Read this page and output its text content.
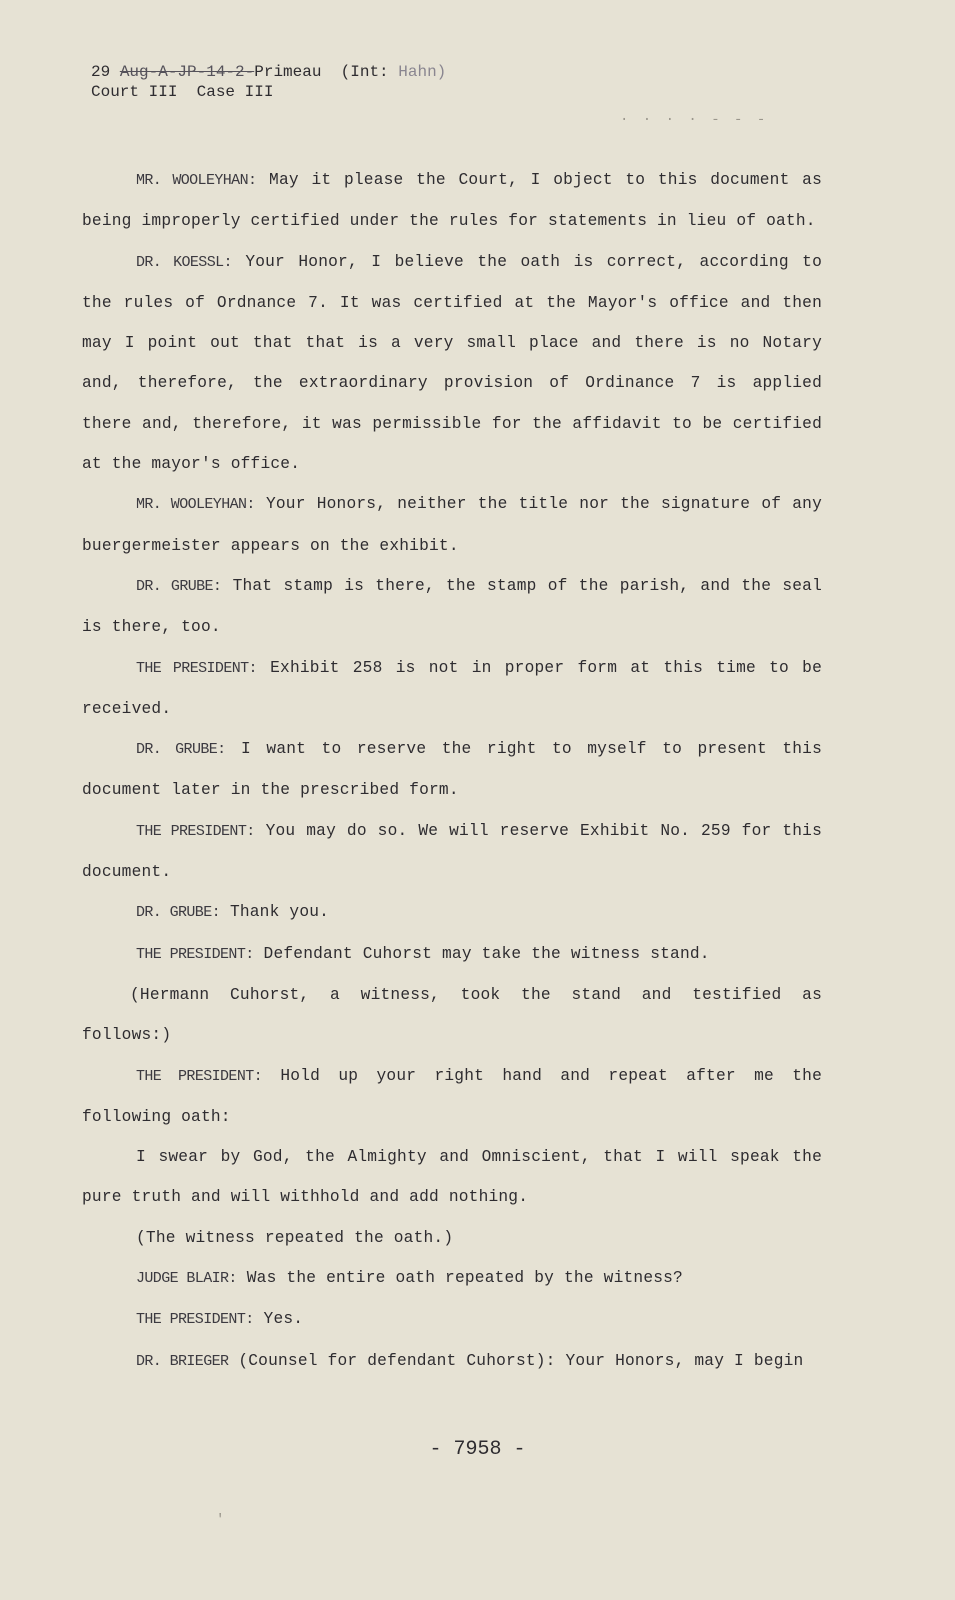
29 Aug-A-JP-14-2-Primeau  (Int: Hahn)
Court III  Case III
· · · · - - -

MR. WOOLEYHAN: May it please the Court, I object to this document as being improperly certified under the rules for statements in lieu of oath.

DR. KOESSL: Your Honor, I believe the oath is correct, according to the rules of Ordnance 7. It was certified at the Mayor's office and then may I point out that that is a very small place and there is no Notary and, therefore, the extraordinary provision of Ordinance 7 is applied there and, therefore, it was permissible for the affidavit to be certified at the mayor's office.

MR. WOOLEYHAN: Your Honors, neither the title nor the signature of any buergermeister appears on the exhibit.

DR. GRUBE: That stamp is there, the stamp of the parish, and the seal is there, too.

THE PRESIDENT: Exhibit 258 is not in proper form at this time to be received.

DR. GRUBE: I want to reserve the right to myself to present this document later in the prescribed form.

THE PRESIDENT: You may do so. We will reserve Exhibit No. 259 for this document.

DR. GRUBE: Thank you.

THE PRESIDENT: Defendant Cuhorst may take the witness stand.

(Hermann Cuhorst, a witness, took the stand and testified as follows:)

THE PRESIDENT: Hold up your right hand and repeat after me the following oath:

I swear by God, the Almighty and Omniscient, that I will speak the pure truth and will withhold and add nothing.

(The witness repeated the oath.)

JUDGE BLAIR: Was the entire oath repeated by the witness?

THE PRESIDENT: Yes.

DR. BRIEGER (Counsel for defendant Cuhorst): Your Honors, may I begin

- 7958 -
'
